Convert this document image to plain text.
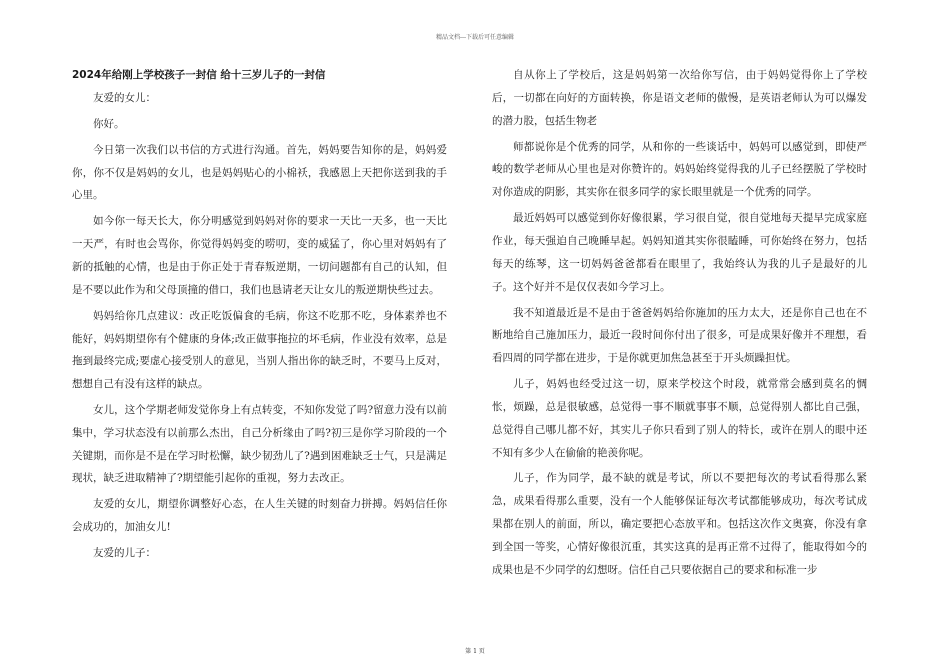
精品文档---下载后可任意编辑
2024年给刚上学校孩子一封信 给十三岁儿子的一封信

友爱的女儿：

你好。

今日第一次我们以书信的方式进行沟通。首先，妈妈要告知你的是，妈妈爱你，你不仅是妈妈的女儿，也是妈妈贴心的小棉袄，我感恩上天把你送到我的手心里。

如今你一每天长大，你分明感觉到妈妈对你的要求一天比一天多，也一天比一天严，有时也会骂你，你觉得妈妈变的唠叨，变的威猛了，你心里对妈妈有了新的抵触的心情，也是由于你正处于青春叛逆期，一切问题都有自己的认知，但是不要以此作为和父母顶撞的借口，我们也恳请老天让女儿的叛逆期快些过去。

妈妈给你几点建议：改正吃饭偏食的毛病，你这不吃那不吃，身体素养也不能好，妈妈期望你有个健康的身体;改正做事拖拉的坏毛病，作业没有效率，总是拖到最终完成;要虚心接受别人的意见，当别人指出你的缺乏时，不要马上反对，想想自己有没有这样的缺点。

女儿，这个学期老师发觉你身上有点转变，不知你发觉了吗?留意力没有以前集中，学习状态没有以前那么杰出，自己分析缘由了吗?初三是你学习阶段的一个关键期，而你是不是在学习时松懈，缺少韧劲儿了?遇到困难缺乏士气，只是满足现状，缺乏进取精神了?期望能引起你的重视，努力去改正。

友爱的女儿，期望你调整好心态，在人生关键的时刻奋力拼搏。妈妈信任你会成功的，加油女儿!

友爱的儿子：

自从你上了学校后，这是妈妈第一次给你写信，由于妈妈觉得你上了学校后，一切都在向好的方面转换，你是语文老师的傲慢，是英语老师认为可以爆发的潜力股，包括生物老

师都说你是个优秀的同学，从和你的一些谈话中，妈妈可以感觉到，即使严峻的数学老师从心里也是对你赞许的。妈妈始终觉得我的儿子已经摆脱了学校时对你造成的阴影，其实你在很多同学的家长眼里就是一个优秀的同学。

最近妈妈可以感觉到你好像很累，学习很自觉，很自觉地每天提早完成家庭作业，每天强迫自己晚睡早起。妈妈知道其实你很瞌睡，可你始终在努力，包括每天的练琴，这一切妈妈爸爸都看在眼里了，我始终认为我的儿子是最好的儿子。这个好并不是仅仅表如今学习上。

我不知道最近是不是由于爸爸妈妈给你施加的压力太大，还是你自己也在不断地给自己施加压力，最近一段时间你付出了很多，可是成果好像并不理想，看看四周的同学都在进步，于是你就更加焦急甚至于开头烦躁担忧。

儿子，妈妈也经受过这一切，原来学校这个时段，就常常会感到莫名的惆怅，烦躁，总是很敏感，总觉得一事不顺就事事不顺，总觉得别人都比自己强，总觉得自己哪儿都不好，其实儿子你只看到了别人的特长，或许在别人的眼中还不知有多少人在偷偷的艳羡你呢。

儿子，作为同学，最不缺的就是考试，所以不要把每次的考试看得那么紧急，成果看得那么重要，没有一个人能够保证每次考试都能够成功，每次考试成果都在别人的前面，所以，确定要把心态放平和。包括这次作文奥赛，你没有拿到全国一等奖，心情好像很沉重，其实这真的是再正常不过得了，能取得如今的成果也是不少同学的幻想呀。信任自己只要依据自己的要求和标准一步

第 1 页
